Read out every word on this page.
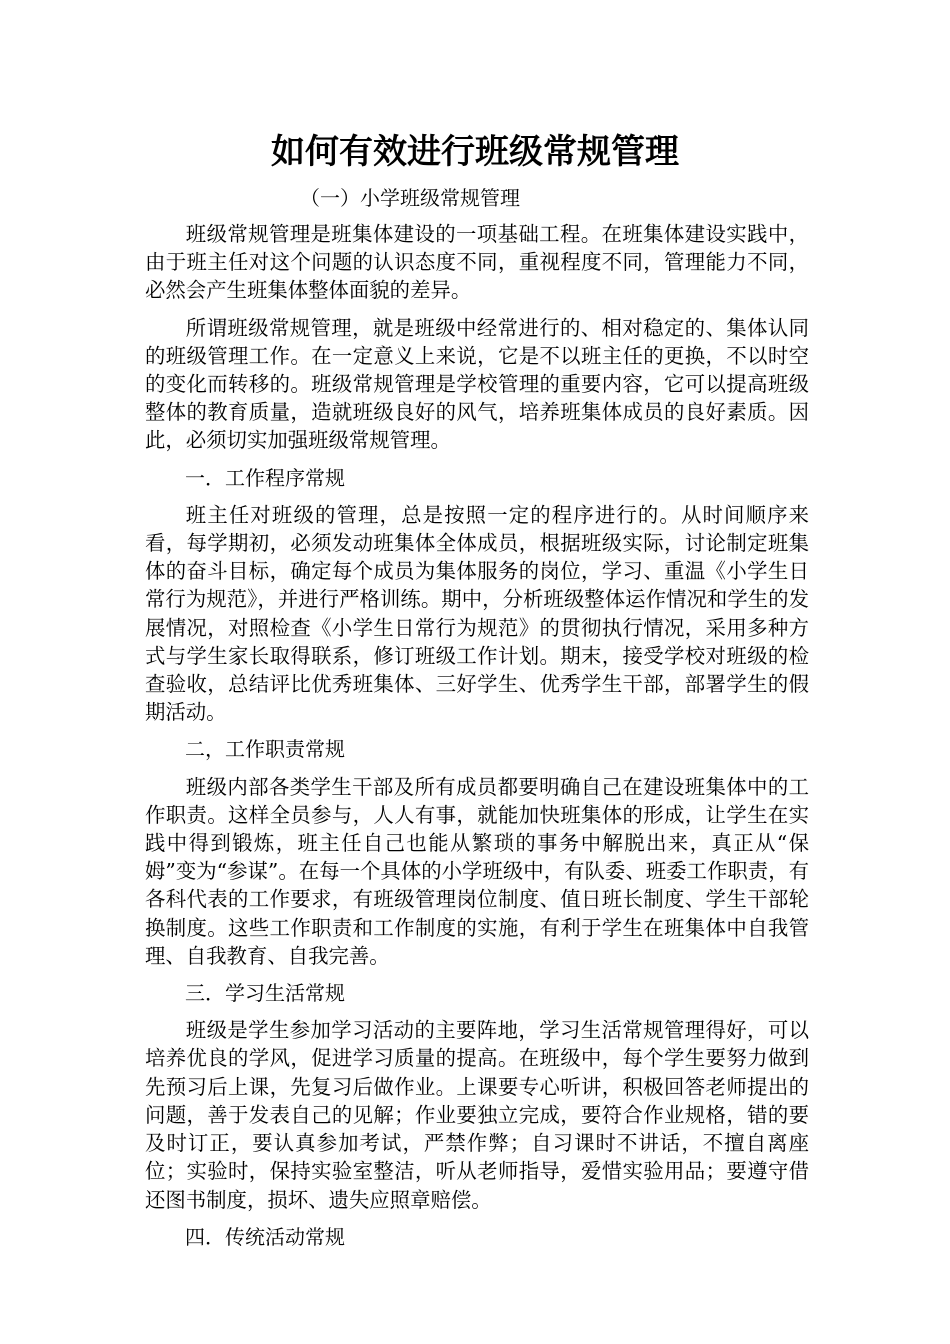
如何有效进行班级常规管理

（一）小学班级常规管理

班级常规管理是班集体建设的一项基础工程。在班集体建设实践中，由于班主任对这个问题的认识态度不同，重视程度不同，管理能力不同，必然会产生班集体整体面貌的差异。

所谓班级常规管理，就是班级中经常进行的、相对稳定的、集体认同的班级管理工作。在一定意义上来说，它是不以班主任的更换，不以时空的变化而转移的。班级常规管理是学校管理的重要内容，它可以提高班级整体的教育质量，造就班级良好的风气，培养班集体成员的良好素质。因此，必须切实加强班级常规管理。

一．工作程序常规

班主任对班级的管理，总是按照一定的程序进行的。从时间顺序来看，每学期初，必须发动班集体全体成员，根据班级实际，讨论制定班集体的奋斗目标，确定每个成员为集体服务的岗位，学习、重温《小学生日常行为规范》，并进行严格训练。期中，分析班级整体运作情况和学生的发展情况，对照检查《小学生日常行为规范》的贯彻执行情况，采用多种方式与学生家长取得联系，修订班级工作计划。期末，接受学校对班级的检查验收，总结评比优秀班集体、三好学生、优秀学生干部，部署学生的假期活动。

二，工作职责常规

班级内部各类学生干部及所有成员都要明确自己在建设班集体中的工作职责。这样全员参与，人人有事，就能加快班集体的形成，让学生在实践中得到锻炼，班主任自己也能从繁琐的事务中解脱出来，真正从“保姆”变为“参谋”。在每一个具体的小学班级中，有队委、班委工作职责，有各科代表的工作要求，有班级管理岗位制度、值日班长制度、学生干部轮换制度。这些工作职责和工作制度的实施，有利于学生在班集体中自我管理、自我教育、自我完善。

三．学习生活常规

班级是学生参加学习活动的主要阵地，学习生活常规管理得好，可以培养优良的学风，促进学习质量的提高。在班级中，每个学生要努力做到先预习后上课，先复习后做作业。上课要专心听讲，积极回答老师提出的问题，善于发表自己的见解；作业要独立完成，要符合作业规格，错的要及时订正，要认真参加考试，严禁作弊；自习课时不讲话，不擅自离座位；实验时，保持实验室整洁，听从老师指导，爱惜实验用品；要遵守借还图书制度，损坏、遗失应照章赔偿。

四．传统活动常规
